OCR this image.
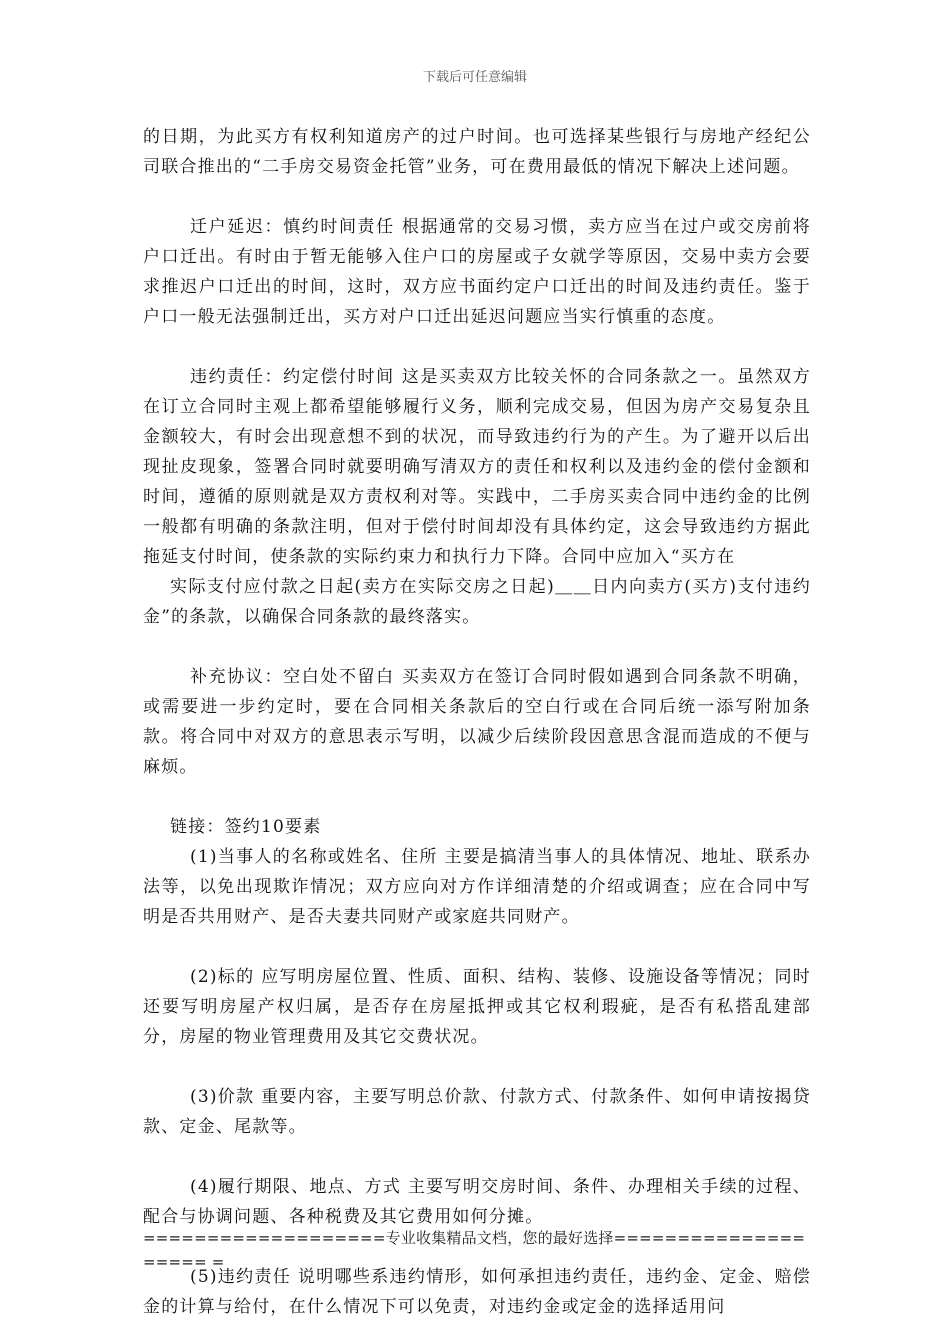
下载后可任意编辑

的日期，为此买方有权利知道房产的过户时间。也可选择某些银行与房地产经纪公司联合推出的“二手房交易资金托管”业务，可在费用最低的情况下解决上述问题。

迁户延迟：慎约时间责任 根据通常的交易习惯，卖方应当在过户或交房前将户口迁出。有时由于暂无能够入住户口的房屋或子女就学等原因，交易中卖方会要求推迟户口迁出的时间，这时，双方应书面约定户口迁出的时间及违约责任。鉴于户口一般无法强制迁出，买方对户口迁出延迟问题应当实行慎重的态度。

违约责任：约定偿付时间 这是买卖双方比较关怀的合同条款之一。虽然双方在订立合同时主观上都希望能够履行义务，顺利完成交易，但因为房产交易复杂且金额较大，有时会出现意想不到的状况，而导致违约行为的产生。为了避开以后出现扯皮现象，签署合同时就要明确写清双方的责任和权利以及违约金的偿付金额和时间，遵循的原则就是双方责权利对等。实践中，二手房买卖合同中违约金的比例一般都有明确的条款注明，但对于偿付时间却没有具体约定，这会导致违约方据此拖延支付时间，使条款的实际约束力和执行力下降。合同中应加入“买方在

实际支付应付款之日起(卖方在实际交房之日起)＿＿日内向卖方(买方)支付违约金”的条款，以确保合同条款的最终落实。

补充协议：空白处不留白 买卖双方在签订合同时假如遇到合同条款不明确，或需要进一步约定时，要在合同相关条款后的空白行或在合同后统一添写附加条款。将合同中对双方的意思表示写明，以减少后续阶段因意思含混而造成的不便与麻烦。

链接：签约10要素

(1)当事人的名称或姓名、住所 主要是搞清当事人的具体情况、地址、联系办法等，以免出现欺诈情况；双方应向对方作详细清楚的介绍或调查；应在合同中写明是否共用财产、是否夫妻共同财产或家庭共同财产。

(2)标的 应写明房屋位置、性质、面积、结构、装修、设施设备等情况；同时还要写明房屋产权归属，是否存在房屋抵押或其它权利瑕疵，是否有私搭乱建部分，房屋的物业管理费用及其它交费状况。

(3)价款 重要内容，主要写明总价款、付款方式、付款条件、如何申请按揭贷款、定金、尾款等。

(4)履行期限、地点、方式 主要写明交房时间、条件、办理相关手续的过程、配合与协调问题、各种税费及其它费用如何分摊。

(5)违约责任 说明哪些系违约情形，如何承担违约责任，违约金、定金、赔偿金的计算与给付，在什么情况下可以免责，对违约金或定金的选择适用问

===================专业收集精品文档，您的最好选择==================== =
